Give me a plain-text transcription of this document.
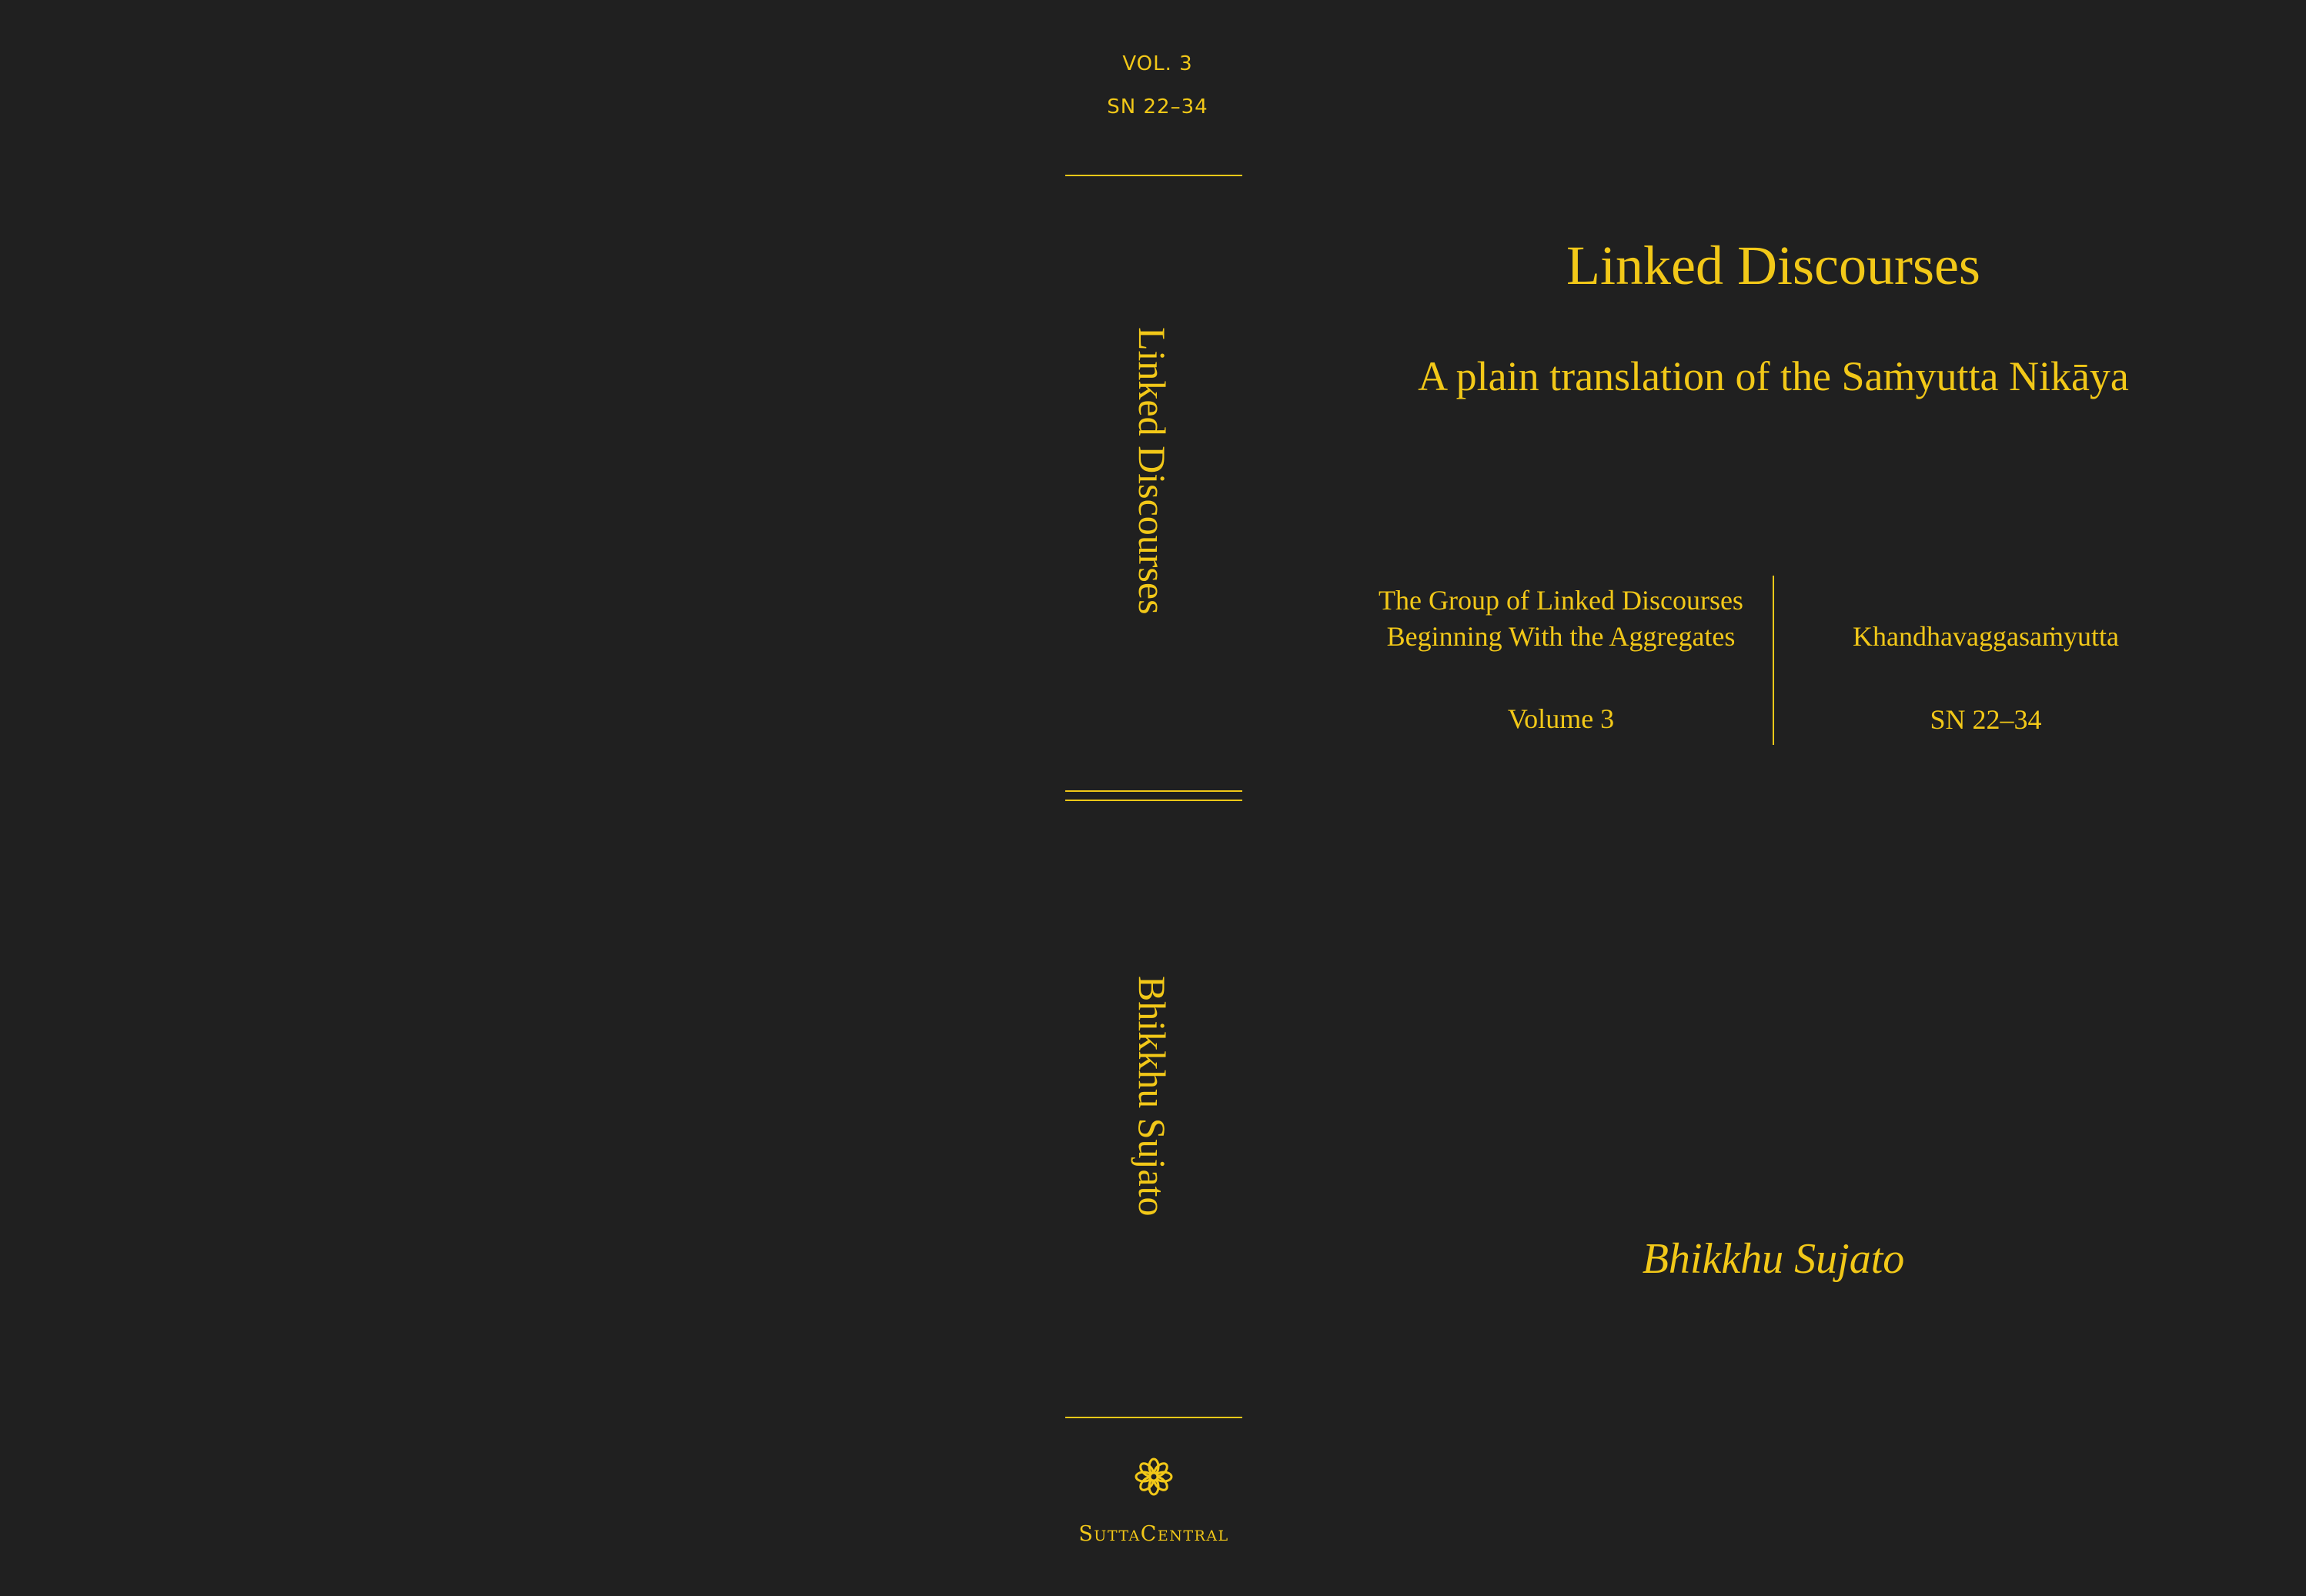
VOL. 3
SN 22–34
Linked Discourses
Bhikkhu Sujato
SuttaCentral
Linked Discourses
A plain translation of the Saṁyutta Nikāya
The Group of Linked Discourses Beginning With the Aggregates
Volume 3
Khandhavaggasaṁyutta
SN 22–34
Bhikkhu Sujato
